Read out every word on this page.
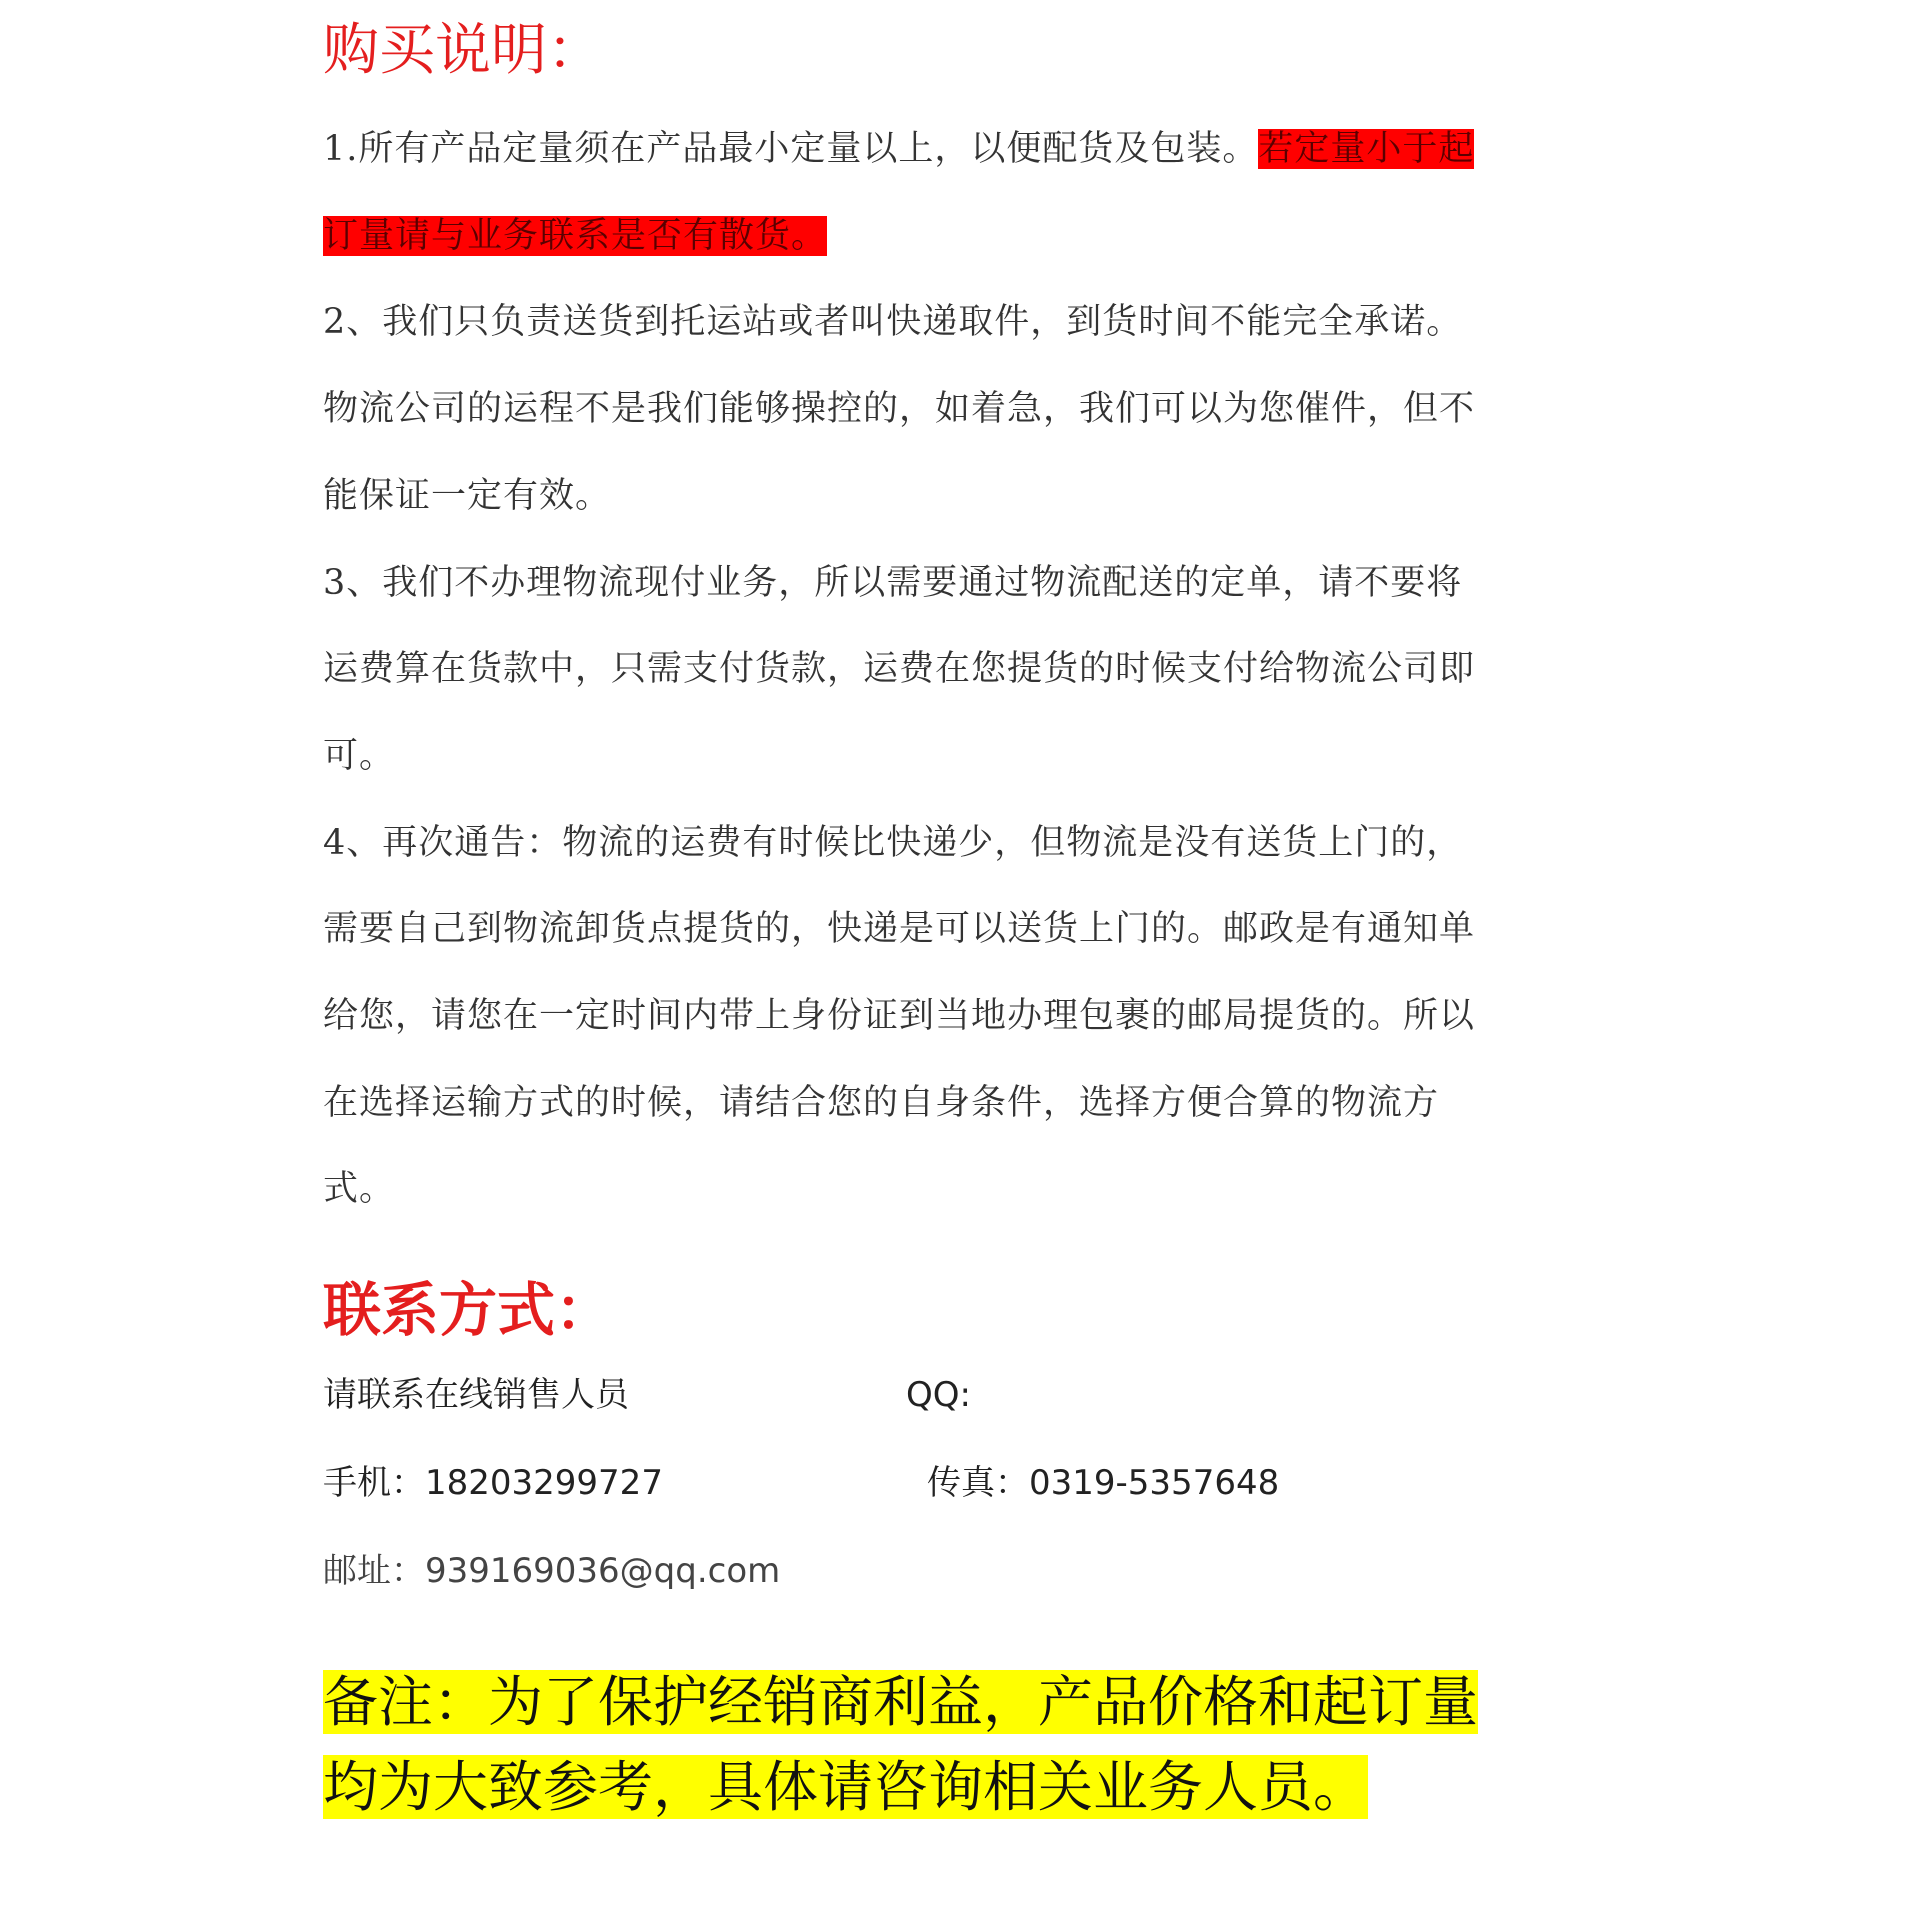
购买说明：
1.所有产品定量须在产品最小定量以上，以便配货及包装。若定量小于起订量请与业务联系是否有散货。
2、我们只负责送货到托运站或者叫快递取件，到货时间不能完全承诺。物流公司的运程不是我们能够操控的，如着急，我们可以为您催件，但不能保证一定有效。
3、我们不办理物流现付业务，所以需要通过物流配送的定单，请不要将运费算在货款中，只需支付货款，运费在您提货的时候支付给物流公司即可。
4、再次通告：物流的运费有时候比快递少，但物流是没有送货上门的，需要自己到物流卸货点提货的，快递是可以送货上门的。邮政是有通知单给您，请您在一定时间内带上身份证到当地办理包裹的邮局提货的。所以在选择运输方式的时候，请结合您的自身条件，选择方便合算的物流方式。
联系方式：
请联系在线销售人员	QQ:
手机：18203299727	传真：0319-5357648
邮址：939169036@qq.com
备注：为了保护经销商利益，产品价格和起订量均为大致参考，具体请咨询相关业务人员。
